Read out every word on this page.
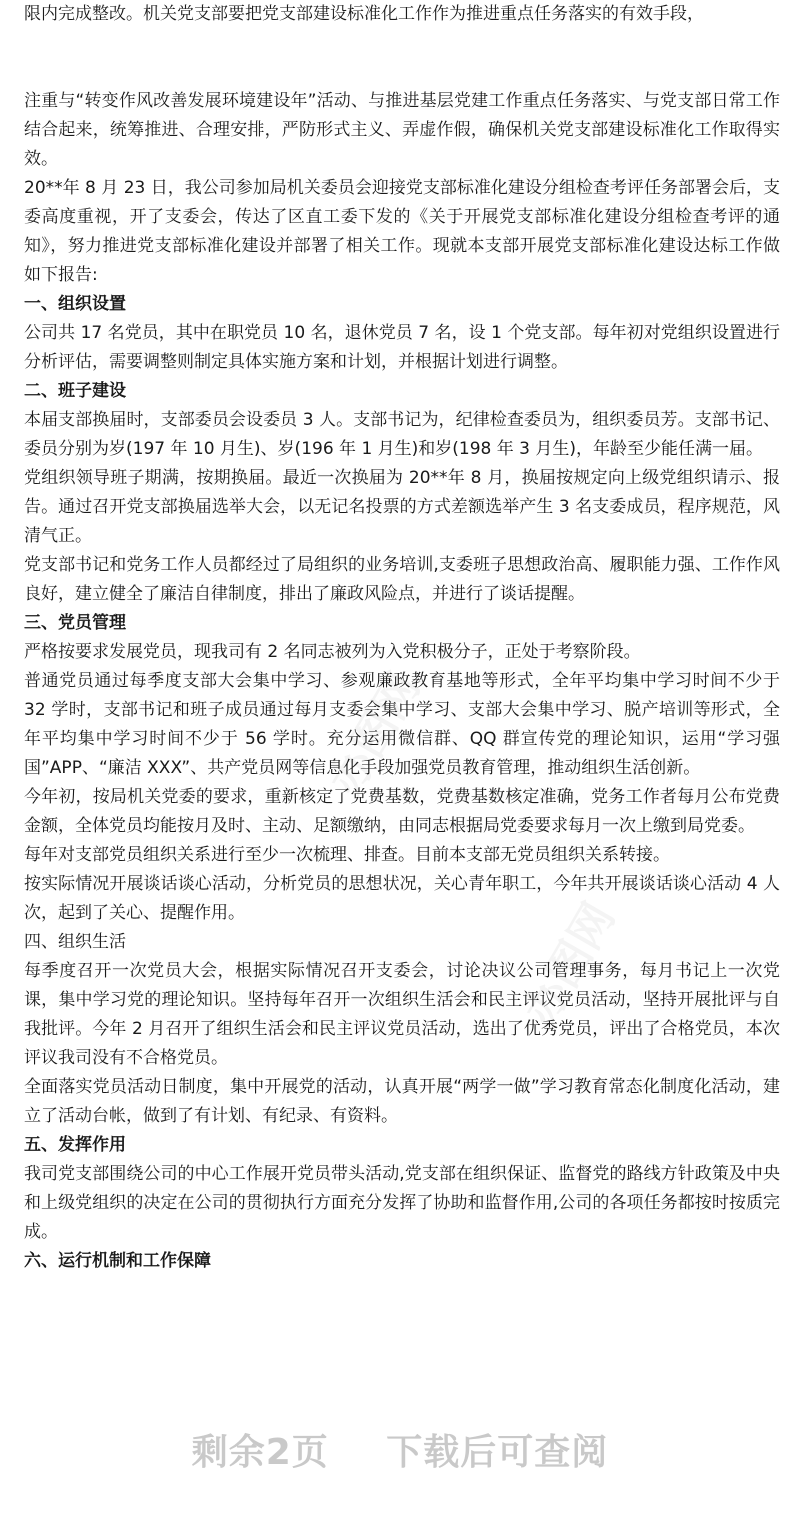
限内完成整改。机关党支部要把党支部建设标准化工作作为推进重点任务落实的有效手段，

注重与“转变作风改善发展环境建设年”活动、与推进基层党建工作重点任务落实、与党支部日常工作结合起来，统筹推进、合理安排，严防形式主义、弄虚作假，确保机关党支部建设标准化工作取得实效。

20**年 8 月 23 日，我公司参加局机关委员会迎接党支部标准化建设分组检查考评任务部署会后，支委高度重视，开了支委会，传达了区直工委下发的《关于开展党支部标准化建设分组检查考评的通知》，努力推进党支部标准化建设并部署了相关工作。现就本支部开展党支部标准化建设达标工作做如下报告:

一、组织设置

公司共 17 名党员，其中在职党员 10 名，退休党员 7 名，设 1 个党支部。每年初对党组织设置进行分析评估，需要调整则制定具体实施方案和计划，并根据计划进行调整。

二、班子建设

本届支部换届时，支部委员会设委员 3 人。支部书记为，纪律检查委员为，组织委员芳。支部书记、委员分别为岁(197 年 10 月生)、岁(196 年 1 月生)和岁(198 年 3 月生)，年龄至少能任满一届。

党组织领导班子期满，按期换届。最近一次换届为 20**年 8 月，换届按规定向上级党组织请示、报告。通过召开党支部换届选举大会，以无记名投票的方式差额选举产生 3 名支委成员，程序规范，风清气正。

党支部书记和党务工作人员都经过了局组织的业务培训,支委班子思想政治高、履职能力强、工作作风良好，建立健全了廉洁自律制度，排出了廉政风险点，并进行了谈话提醒。

三、党员管理

严格按要求发展党员，现我司有 2 名同志被列为入党积极分子，正处于考察阶段。

普通党员通过每季度支部大会集中学习、参观廉政教育基地等形式，全年平均集中学习时间不少于 32 学时，支部书记和班子成员通过每月支委会集中学习、支部大会集中学习、脱产培训等形式，全年平均集中学习时间不少于 56 学时。充分运用微信群、QQ 群宣传党的理论知识，运用“学习强国”APP、“廉洁 XXX”、共产党员网等信息化手段加强党员教育管理，推动组织生活创新。

今年初，按局机关党委的要求，重新核定了党费基数，党费基数核定准确，党务工作者每月公布党费金额，全体党员均能按月及时、主动、足额缴纳，由同志根据局党委要求每月一次上缴到局党委。

每年对支部党员组织关系进行至少一次梳理、排查。目前本支部无党员组织关系转接。

按实际情况开展谈话谈心活动，分析党员的思想状况，关心青年职工，今年共开展谈话谈心活动 4 人次，起到了关心、提醒作用。

四、组织生活

每季度召开一次党员大会，根据实际情况召开支委会，讨论决议公司管理事务，每月书记上一次党课，集中学习党的理论知识。坚持每年召开一次组织生活会和民主评议党员活动，坚持开展批评与自我批评。今年 2 月召开了组织生活会和民主评议党员活动，选出了优秀党员，评出了合格党员，本次评议我司没有不合格党员。

全面落实党员活动日制度，集中开展党的活动，认真开展“两学一做”学习教育常态化制度化活动，建立了活动台帐，做到了有计划、有纪录、有资料。

五、发挥作用

我司党支部围绕公司的中心工作展开党员带头活动,党支部在组织保证、监督党的路线方针政策及中央和上级党组织的决定在公司的贯彻执行方面充分发挥了协助和监督作用,公司的各项任务都按时按质完成。

六、运行机制和工作保障
剩余2页 下载后可查阅
